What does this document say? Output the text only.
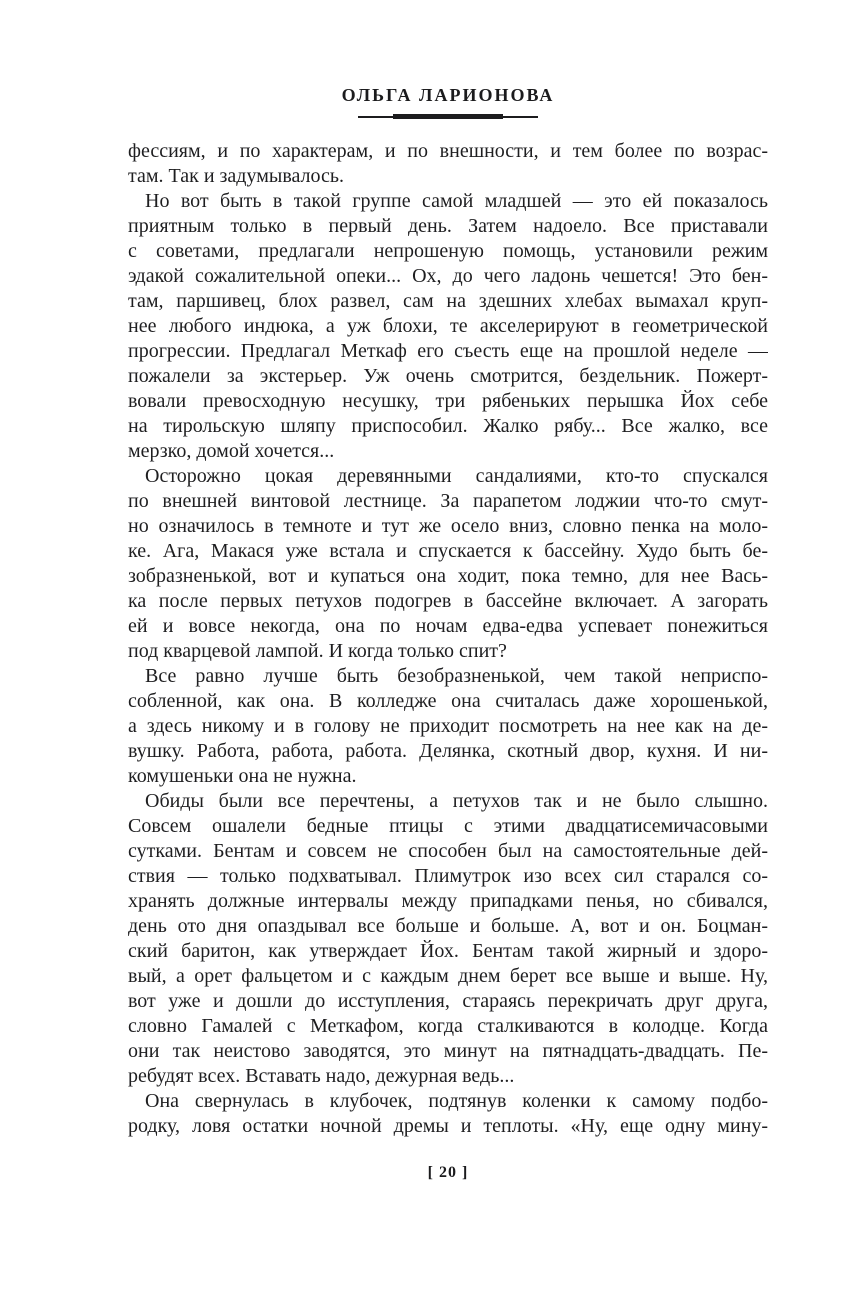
ОЛЬГА ЛАРИОНОВА
фессиям, и по характерам, и по внешности, и тем более по возрас-
там. Так и задумывалось.
Но вот быть в такой группе самой младшей — это ей показалось
приятным только в первый день. Затем надоело. Все приставали
с советами, предлагали непрошеную помощь, установили режим
эдакой сожалительной опеки... Ох, до чего ладонь чешется! Это бен-
там, паршивец, блох развел, сам на здешних хлебах вымахал круп-
нее любого индюка, а уж блохи, те акселерируют в геометрической
прогрессии. Предлагал Меткаф его съесть еще на прошлой неделе —
пожалели за экстерьер. Уж очень смотрится, бездельник. Пожерт-
вовали превосходную несушку, три рябеньких перышка Йох себе
на тирольскую шляпу приспособил. Жалко рябу... Все жалко, все
мерзко, домой хочется...
Осторожно цокая деревянными сандалиями, кто-то спускался
по внешней винтовой лестнице. За парапетом лоджии что-то смут-
но означилось в темноте и тут же осело вниз, словно пенка на моло-
ке. Ага, Макася уже встала и спускается к бассейну. Худо быть бе-
зобразненькой, вот и купаться она ходит, пока темно, для нее Вась-
ка после первых петухов подогрев в бассейне включает. А загорать
ей и вовсе некогда, она по ночам едва-едва успевает понежиться
под кварцевой лампой. И когда только спит?
Все равно лучше быть безобразненькой, чем такой неприспо-
собленной, как она. В колледже она считалась даже хорошенькой,
а здесь никому и в голову не приходит посмотреть на нее как на де-
вушку. Работа, работа, работа. Делянка, скотный двор, кухня. И ни-
комушеньки она не нужна.
Обиды были все перечтены, а петухов так и не было слышно.
Совсем ошалели бедные птицы с этими двадцатисемичасовыми
сутками. Бентам и совсем не способен был на самостоятельные дей-
ствия — только подхватывал. Плимутрок изо всех сил старался со-
хранять должные интервалы между припадками пенья, но сбивался,
день ото дня опаздывал все больше и больше. А, вот и он. Боцман-
ский баритон, как утверждает Йох. Бентам такой жирный и здоро-
вый, а орет фальцетом и с каждым днем берет все выше и выше. Ну,
вот уже и дошли до исступления, стараясь перекричать друг друга,
словно Гамалей с Меткафом, когда сталкиваются в колодце. Когда
они так неистово заводятся, это минут на пятнадцать-двадцать. Пе-
ребудят всех. Вставать надо, дежурная ведь...
Она свернулась в клубочек, подтянув коленки к самому подбо-
родку, ловя остатки ночной дремы и теплоты. «Ну, еще одну мину-
[ 20 ]
